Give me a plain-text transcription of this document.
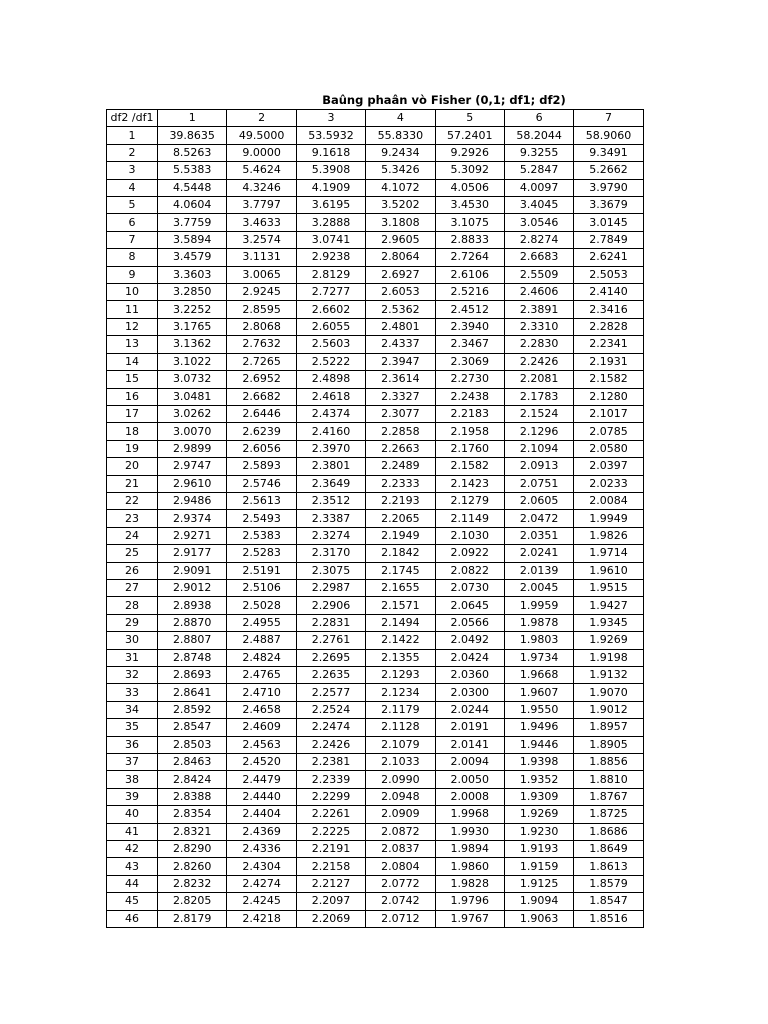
Baûng phaân vò Fisher (0,1; df1; df2)
df2 /df1	1	2	3	4	5	6	7
1	39.8635	49.5000	53.5932	55.8330	57.2401	58.2044	58.9060
2	8.5263	9.0000	9.1618	9.2434	9.2926	9.3255	9.3491
3	5.5383	5.4624	5.3908	5.3426	5.3092	5.2847	5.2662
4	4.5448	4.3246	4.1909	4.1072	4.0506	4.0097	3.9790
5	4.0604	3.7797	3.6195	3.5202	3.4530	3.4045	3.3679
6	3.7759	3.4633	3.2888	3.1808	3.1075	3.0546	3.0145
7	3.5894	3.2574	3.0741	2.9605	2.8833	2.8274	2.7849
8	3.4579	3.1131	2.9238	2.8064	2.7264	2.6683	2.6241
9	3.3603	3.0065	2.8129	2.6927	2.6106	2.5509	2.5053
10	3.2850	2.9245	2.7277	2.6053	2.5216	2.4606	2.4140
11	3.2252	2.8595	2.6602	2.5362	2.4512	2.3891	2.3416
12	3.1765	2.8068	2.6055	2.4801	2.3940	2.3310	2.2828
13	3.1362	2.7632	2.5603	2.4337	2.3467	2.2830	2.2341
14	3.1022	2.7265	2.5222	2.3947	2.3069	2.2426	2.1931
15	3.0732	2.6952	2.4898	2.3614	2.2730	2.2081	2.1582
16	3.0481	2.6682	2.4618	2.3327	2.2438	2.1783	2.1280
17	3.0262	2.6446	2.4374	2.3077	2.2183	2.1524	2.1017
18	3.0070	2.6239	2.4160	2.2858	2.1958	2.1296	2.0785
19	2.9899	2.6056	2.3970	2.2663	2.1760	2.1094	2.0580
20	2.9747	2.5893	2.3801	2.2489	2.1582	2.0913	2.0397
21	2.9610	2.5746	2.3649	2.2333	2.1423	2.0751	2.0233
22	2.9486	2.5613	2.3512	2.2193	2.1279	2.0605	2.0084
23	2.9374	2.5493	2.3387	2.2065	2.1149	2.0472	1.9949
24	2.9271	2.5383	2.3274	2.1949	2.1030	2.0351	1.9826
25	2.9177	2.5283	2.3170	2.1842	2.0922	2.0241	1.9714
26	2.9091	2.5191	2.3075	2.1745	2.0822	2.0139	1.9610
27	2.9012	2.5106	2.2987	2.1655	2.0730	2.0045	1.9515
28	2.8938	2.5028	2.2906	2.1571	2.0645	1.9959	1.9427
29	2.8870	2.4955	2.2831	2.1494	2.0566	1.9878	1.9345
30	2.8807	2.4887	2.2761	2.1422	2.0492	1.9803	1.9269
31	2.8748	2.4824	2.2695	2.1355	2.0424	1.9734	1.9198
32	2.8693	2.4765	2.2635	2.1293	2.0360	1.9668	1.9132
33	2.8641	2.4710	2.2577	2.1234	2.0300	1.9607	1.9070
34	2.8592	2.4658	2.2524	2.1179	2.0244	1.9550	1.9012
35	2.8547	2.4609	2.2474	2.1128	2.0191	1.9496	1.8957
36	2.8503	2.4563	2.2426	2.1079	2.0141	1.9446	1.8905
37	2.8463	2.4520	2.2381	2.1033	2.0094	1.9398	1.8856
38	2.8424	2.4479	2.2339	2.0990	2.0050	1.9352	1.8810
39	2.8388	2.4440	2.2299	2.0948	2.0008	1.9309	1.8767
40	2.8354	2.4404	2.2261	2.0909	1.9968	1.9269	1.8725
41	2.8321	2.4369	2.2225	2.0872	1.9930	1.9230	1.8686
42	2.8290	2.4336	2.2191	2.0837	1.9894	1.9193	1.8649
43	2.8260	2.4304	2.2158	2.0804	1.9860	1.9159	1.8613
44	2.8232	2.4274	2.2127	2.0772	1.9828	1.9125	1.8579
45	2.8205	2.4245	2.2097	2.0742	1.9796	1.9094	1.8547
46	2.8179	2.4218	2.2069	2.0712	1.9767	1.9063	1.8516
